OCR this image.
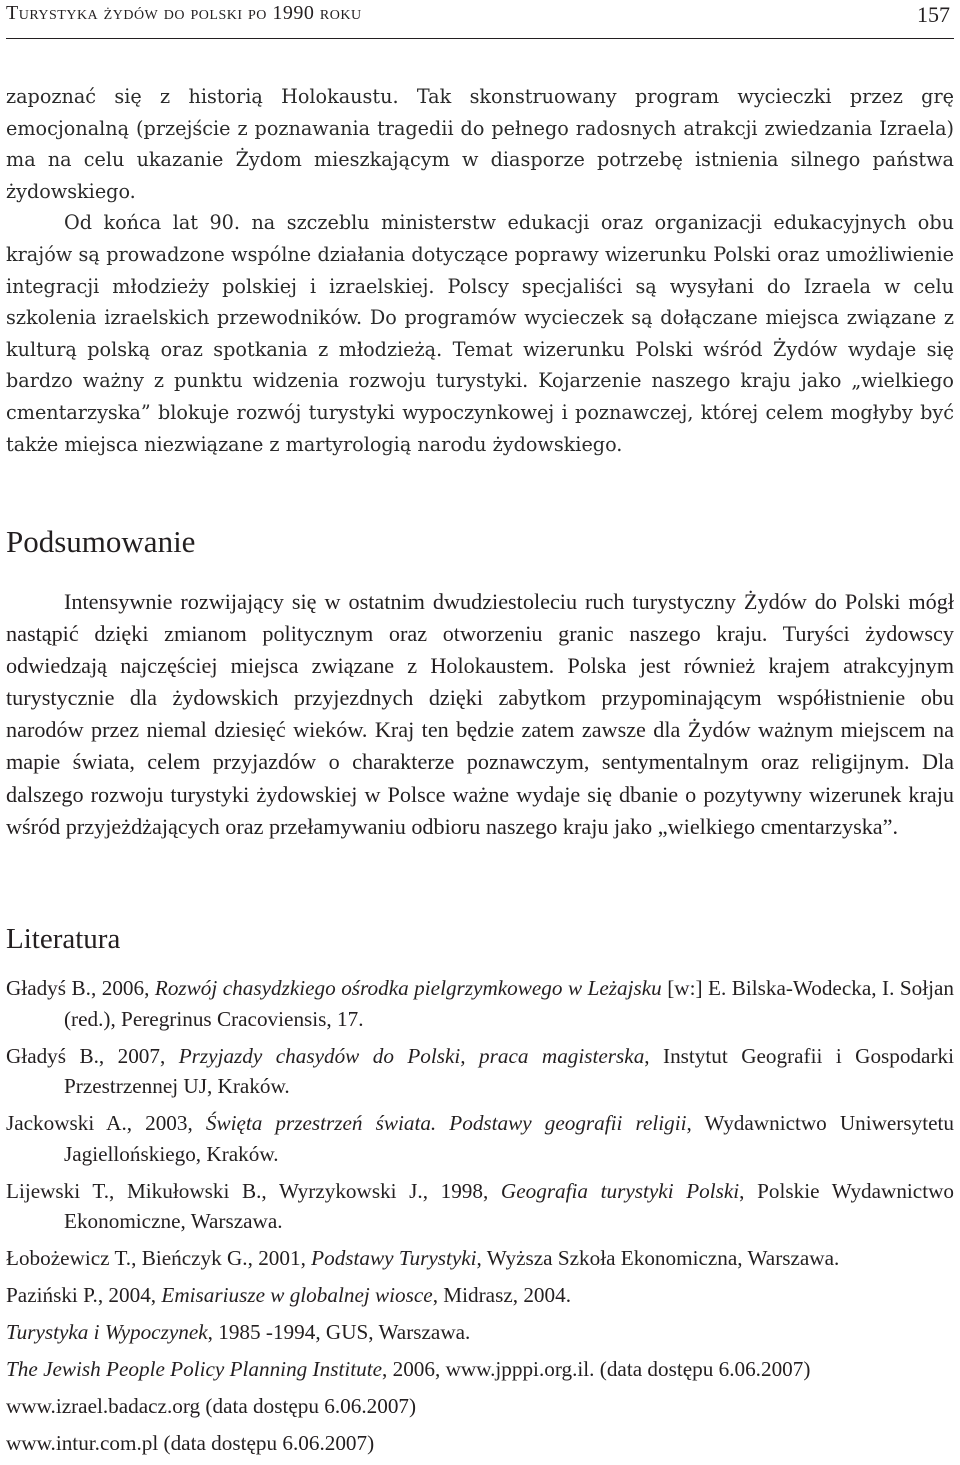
Turystyka żydów do polski po 1990 roku	157

zapoznać się z historią Holokaustu. Tak skonstruowany program wycieczki przez grę emocjonalną (przejście z poznawania tragedii do pełnego radosnych atrakcji zwiedzania Izraela) ma na celu ukazanie Żydom mieszkającym w diasporze potrzebę istnienia silnego państwa żydowskiego.

Od końca lat 90. na szczeblu ministerstw edukacji oraz organizacji edukacyjnych obu krajów są prowadzone wspólne działania dotyczące poprawy wizerunku Polski oraz umożliwienie integracji młodzieży polskiej i izraelskiej. Polscy specjaliści są wysyłani do Izraela w celu szkolenia izraelskich przewodników. Do programów wycieczek są dołączane miejsca związane z kulturą polską oraz spotkania z młodzieżą. Temat wizerunku Polski wśród Żydów wydaje się bardzo ważny z punktu widzenia rozwoju turystyki. Kojarzenie naszego kraju jako „wielkiego cmentarzyska” blokuje rozwój turystyki wypoczynkowej i poznawczej, której celem mogłyby być także miejsca niezwiązane z martyrologią narodu żydowskiego.

Podsumowanie

Intensywnie rozwijający się w ostatnim dwudziestoleciu ruch turystyczny Żydów do Polski mógł nastąpić dzięki zmianom politycznym oraz otworzeniu granic naszego kraju. Turyści żydowscy odwiedzają najczęściej miejsca związane z Holokaustem. Polska jest również krajem atrakcyjnym turystycznie dla żydowskich przyjezdnych dzięki zabytkom przypominającym współistnienie obu narodów przez niemal dziesięć wieków. Kraj ten będzie zatem zawsze dla Żydów ważnym miejscem na mapie świata, celem przyjazdów o charakterze poznawczym, sentymentalnym oraz religijnym. Dla dalszego rozwoju turystyki żydowskiej w Polsce ważne wydaje się dbanie o pozytywny wizerunek kraju wśród przyjeżdżających oraz przełamywaniu odbioru naszego kraju jako „wielkiego cmentarzyska”.

Literatura

Gładyś B., 2006, Rozwój chasydzkiego ośrodka pielgrzymkowego w Leżajsku [w:] E. Bilska-Wodecka, I. Sołjan (red.), Peregrinus Cracoviensis, 17.

Gładyś B., 2007, Przyjazdy chasydów do Polski, praca magisterska, Instytut Geografii i Gospodarki Przestrzennej UJ, Kraków.

Jackowski A., 2003, Święta przestrzeń świata. Podstawy geografii religii, Wydawnictwo Uniwersytetu Jagiellońskiego, Kraków.

Lijewski T., Mikułowski B., Wyrzykowski J., 1998, Geografia turystyki Polski, Polskie Wydawnictwo Ekonomiczne, Warszawa.

Łobożewicz T., Bieńczyk G., 2001, Podstawy Turystyki, Wyższa Szkoła Ekonomiczna, Warszawa.

Paziński P., 2004, Emisariusze w globalnej wiosce, Midrasz, 2004.

Turystyka i Wypoczynek, 1985 -1994, GUS, Warszawa.

The Jewish People Policy Planning Institute, 2006, www.jpppi.org.il. (data dostępu 6.06.2007)

www.izrael.badacz.org (data dostępu 6.06.2007)

www.intur.com.pl (data dostępu 6.06.2007)
